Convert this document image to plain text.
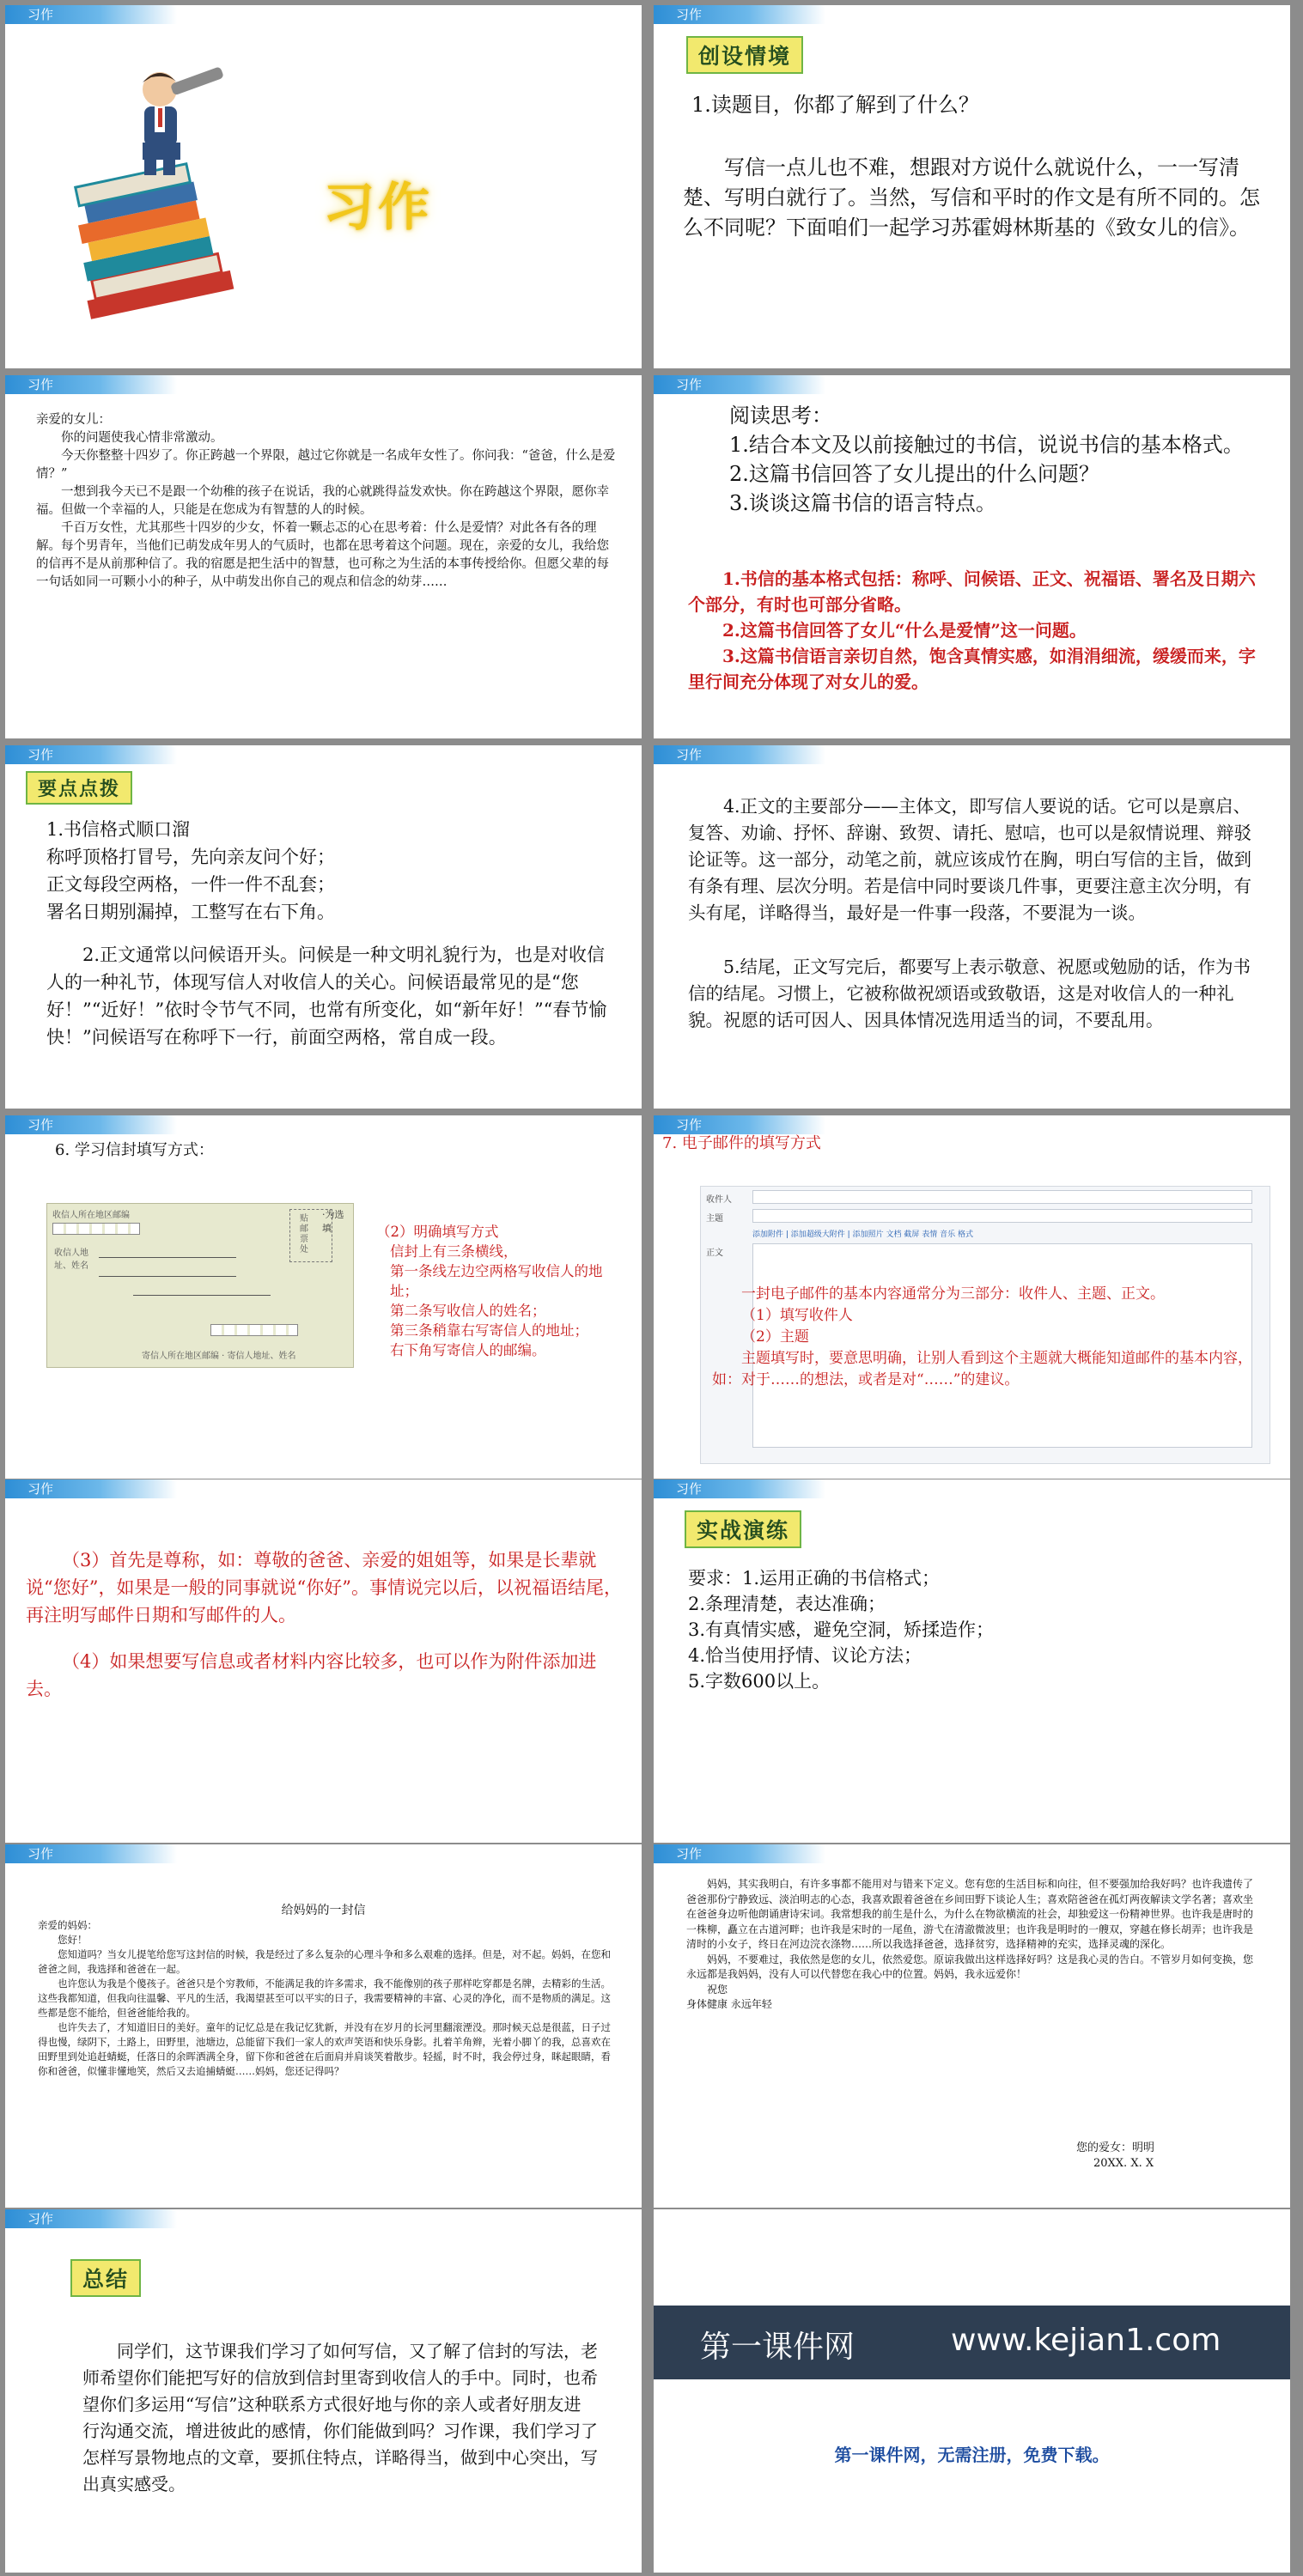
习作
习作
习作
创设情境
1.读题目，你都了解到了什么？
写信一点儿也不难，想跟对方说什么就说什么，一一写清楚、写明白就行了。当然，写信和平时的作文是有所不同的。怎么不同呢？下面咱们一起学习苏霍姆林斯基的《致女儿的信》。
习作

亲爱的女儿：

你的问题使我心情非常激动。

今天你整整十四岁了。你正跨越一个界限，越过它你就是一名成年女性了。你问我：“爸爸，什么是爱情？”

一想到我今天已不是跟一个幼稚的孩子在说话，我的心就跳得益发欢快。你在跨越这个界限，愿你幸福。但做一个幸福的人，只能是在您成为有智慧的人的时候。

千百万女性，尤其那些十四岁的少女，怀着一颗忐忑的心在思考着：什么是爱情？对此各有各的理解。每个男青年，当他们已萌发成年男人的气质时，也都在思考着这个问题。现在，亲爱的女儿，我给您的信再不是从前那种信了。我的宿愿是把生活中的智慧，也可称之为生活的本事传授给你。但愿父辈的每一句话如同一可颗小小的种子，从中萌发出你自己的观点和信念的幼芽……

习作

阅读思考：

1.结合本文及以前接触过的书信，说说书信的基本格式。

2.这篇书信回答了女儿提出的什么问题？

3.谈谈这篇书信的语言特点。

1.书信的基本格式包括：称呼、问候语、正文、祝福语、署名及日期六个部分，有时也可部分省略。

2.这篇书信回答了女儿“什么是爱情”这一问题。

3.这篇书信语言亲切自然，饱含真情实感，如涓涓细流，缓缓而来，字里行间充分体现了对女儿的爱。

习作
要点点拨

1.书信格式顺口溜

称呼顶格打冒号，先向亲友问个好；

正文每段空两格，一件一件不乱套；

署名日期别漏掉，工整写在右下角。

2.正文通常以问候语开头。问候是一种文明礼貌行为，也是对收信人的一种礼节，体现写信人对收信人的关心。问候语最常见的是“您好！”“近好！”依时令节气不同，也常有所变化，如“新年好！”“春节愉快！”问候语写在称呼下一行，前面空两格，常自成一段。
习作
4.正文的主要部分——主体文，即写信人要说的话。它可以是禀启、复答、劝谕、抒怀、辞谢、致贺、请托、慰唁，也可以是叙情说理、辩驳论证等。这一部分，动笔之前，就应该成竹在胸，明白写信的主旨，做到有条有理、层次分明。若是信中同时要谈几件事，更要注意主次分明，有头有尾，详略得当，最好是一件事一段落，不要混为一谈。
5.结尾，正文写完后，都要写上表示敬意、祝愿或勉励的话，作为书信的结尾。习惯上，它被称做祝颂语或致敬语，这是对收信人的一种礼貌。祝愿的话可因人、因具体情况选用适当的词，不要乱用。
习作
6. 学习信封填写方式：
收信人所在地区邮编	贴邮票处
·为选填
收信人地址、姓名
寄信人所在地区邮编 · 寄信人地址、姓名

（2）明确填写方式

信封上有三条横线，

第一条线左边空两格写收信人的地址；

第二条写收信人的姓名；

第三条稍靠右写寄信人的地址；

右下角写寄信人的邮编。

习作
7. 电子邮件的填写方式
收件人
主题
添加附件 | 添加超级大附件 | 添加照片 文档 截屏 表情 音乐 格式
正文

一封电子邮件的基本内容通常分为三部分：收件人、主题、正文。

（1）填写收件人

（2）主题

主题填写时，要意思明确，让别人看到这个主题就大概能知道邮件的基本内容，如：对于……的想法，或者是对“……”的建议。

习作
（3）首先是尊称，如：尊敬的爸爸、亲爱的姐姐等，如果是长辈就说“您好”，如果是一般的同事就说“你好”。事情说完以后，以祝福语结尾，再注明写邮件日期和写邮件的人。
（4）如果想要写信息或者材料内容比较多，也可以作为附件添加进去。
习作
实战演练

要求：1.运用正确的书信格式；

2.条理清楚，表达准确；

3.有真情实感，避免空洞，矫揉造作；

4.恰当使用抒情、议论方法；

5.字数600以上。

习作
给妈妈的一封信

亲爱的妈妈：

您好！

您知道吗？当女儿提笔给您写这封信的时候，我是经过了多么复杂的心理斗争和多么艰难的选择。但是，对不起。妈妈，在您和爸爸之间，我选择和爸爸在一起。

也许您认为我是个傻孩子。爸爸只是个穷教师，不能满足我的许多需求，我不能像别的孩子那样吃穿都是名牌，去精彩的生活。这些我都知道，但我向往温馨、平凡的生活，我渴望甚至可以平实的日子，我需要精神的丰富、心灵的净化，而不是物质的满足。这些都是您不能给，但爸爸能给我的。

也许失去了，才知道旧日的美好。童年的记忆总是在我记忆犹新，并没有在岁月的长河里翻滚湮没。那时候天总是很蓝，日子过得也慢，绿阴下，土路上，田野里，池塘边，总能留下我们一家人的欢声笑语和快乐身影。扎着羊角辫，光着小脚丫的我，总喜欢在田野里到处追赶蜻蜓，任落日的余晖洒满全身，留下你和爸爸在后面肩并肩谈笑着散步。轻摇，时不时，我会停过身，眯起眼睛，看你和爸爸，似懂非懂地笑，然后又去追捕蜻蜓……妈妈，您还记得吗？

习作

妈妈，其实我明白，有许多事都不能用对与错来下定义。您有您的生活目标和向往，但不要强加给我好吗？也许我遗传了爸爸那份宁静致远、淡泊明志的心态，我喜欢跟着爸爸在乡间田野下谈论人生；喜欢陪爸爸在孤灯两夜解读文学名著；喜欢坐在爸爸身边听他朗诵唐诗宋词。我常想我的前生是什么，为什么在物欲横流的社会，却独爱这一份精神世界。也许我是唐时的一株柳，矗立在古道河畔；也许我是宋时的一尾鱼，游弋在清澈微波里；也许我是明时的一艘双，穿越在修长胡弄；也许我是清时的小女子，终日在河边浣衣涤物……所以我选择爸爸，选择贫穷，选择精神的充实，选择灵魂的深化。

妈妈，不要难过，我依然是您的女儿，依然爱您。原谅我做出这样选择好吗？这是我心灵的告白。不管岁月如何变换，您永远都是我妈妈，没有人可以代替您在我心中的位置。妈妈，我永远爱你！

祝您

身体健康 永远年轻

您的爱女：明明
20XX. X. X
习作
总结
同学们，这节课我们学习了如何写信，又了解了信封的写法，老师希望你们能把写好的信放到信封里寄到收信人的手中。同时，也希望你们多运用“写信”这种联系方式很好地与你的亲人或者好朋友进行沟通交流，增进彼此的感情，你们能做到吗？习作课，我们学习了怎样写景物地点的文章，要抓住特点，详略得当，做到中心突出，写出真实感受。
第一课件网	www.kejian1.com
第一课件网，无需注册，免费下载。
